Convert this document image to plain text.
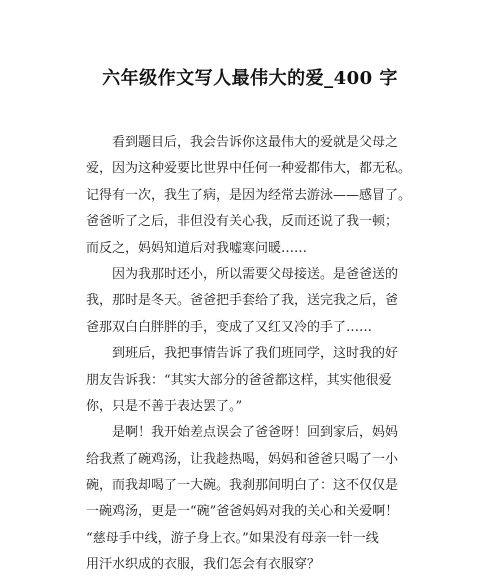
六年级作文写人最伟大的爱_400 字
　　看到题目后，我会告诉你这最伟大的爱就是父母之
爱，因为这种爱要比世界中任何一种爱都伟大，都无私。
记得有一次，我生了病，是因为经常去游泳——感冒了。
爸爸听了之后，非但没有关心我，反而还说了我一顿；
而反之，妈妈知道后对我嘘寒问暖……
　　因为我那时还小，所以需要父母接送。是爸爸送的
我，那时是冬天。爸爸把手套给了我，送完我之后，爸
爸那双白白胖胖的手，变成了又红又冷的手了……
　　到班后，我把事情告诉了我们班同学，这时我的好
朋友告诉我：“其实大部分的爸爸都这样，其实他很爱
你，只是不善于表达罢了。”
　　是啊！我开始差点误会了爸爸呀！回到家后，妈妈
给我煮了碗鸡汤，让我趁热喝，妈妈和爸爸只喝了一小
碗，而我却喝了一大碗。我刹那间明白了：这不仅仅是
一碗鸡汤，更是一“碗”爸爸妈妈对我的关心和关爱啊！
“慈母手中线，游子身上衣。”如果没有母亲一针一线
用汗水织成的衣服，我们怎会有衣服穿？
